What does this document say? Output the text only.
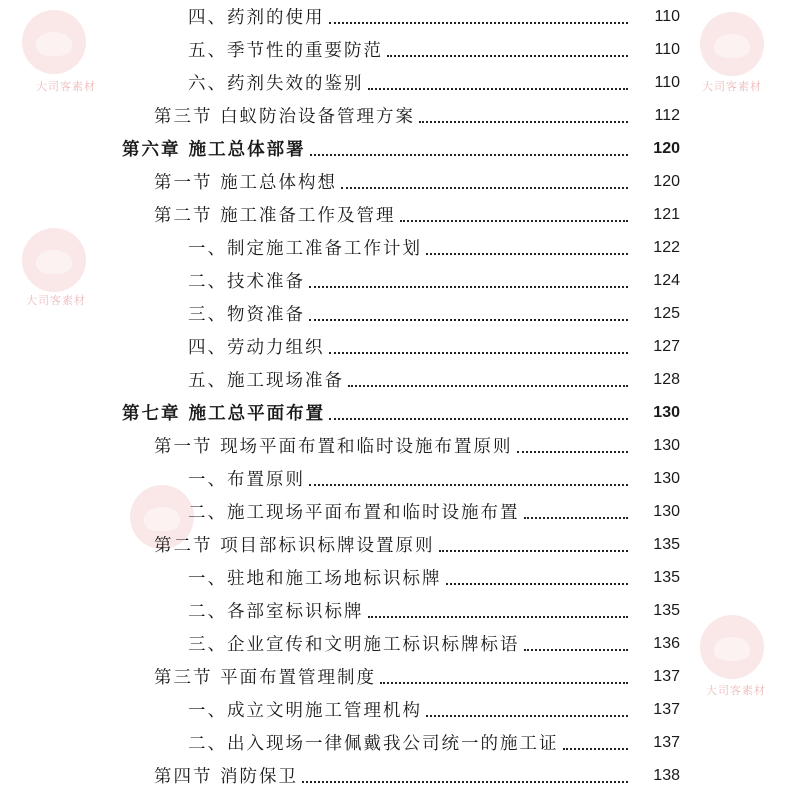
大司客素材	大司客素材
大司客素材
大司客素材
四、药剂的使用	110
五、季节性的重要防范	110
六、药剂失效的鉴别	110
第三节 白蚁防治设备管理方案	112
第六章 施工总体部署	120
第一节 施工总体构想	120
第二节 施工准备工作及管理	121
一、制定施工准备工作计划	122
二、技术准备	124
三、物资准备	125
四、劳动力组织	127
五、施工现场准备	128
第七章 施工总平面布置	130
第一节 现场平面布置和临时设施布置原则	130
一、布置原则	130
二、施工现场平面布置和临时设施布置	130
第二节 项目部标识标牌设置原则	135
一、驻地和施工场地标识标牌	135
二、各部室标识标牌	135
三、企业宣传和文明施工标识标牌标语	136
第三节 平面布置管理制度	137
一、成立文明施工管理机构	137
二、出入现场一律佩戴我公司统一的施工证	137
第四节 消防保卫	138
